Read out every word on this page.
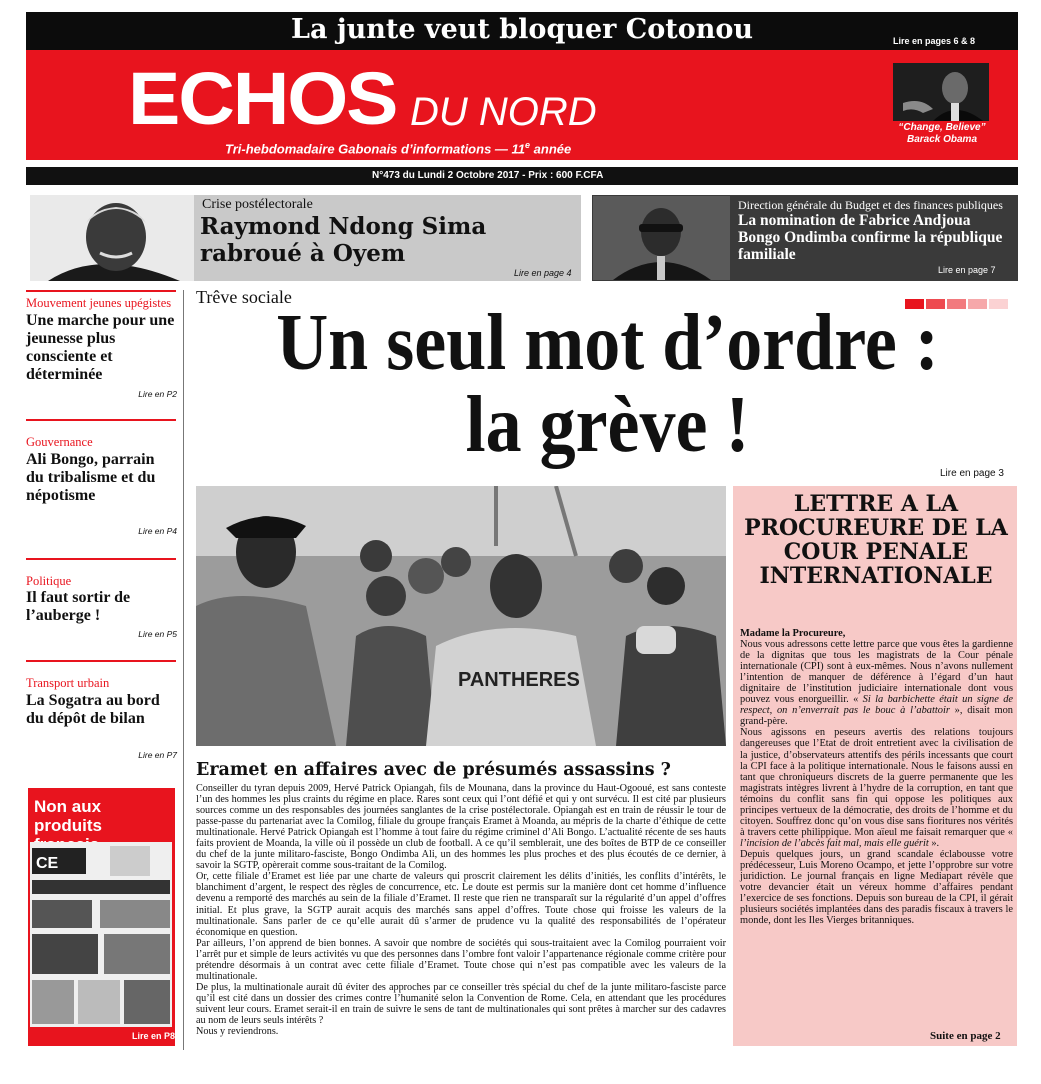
La junte veut bloquer Cotonou	Lire en pages 6 & 8
ECHOS DU NORD
Tri-hebdomadaire Gabonais d’informations — 11e année
“Change, Believe”
Barack Obama
N°473 du Lundi 2 Octobre 2017 - Prix : 600 F.CFA
Crise postélectorale
Raymond Ndong Sima rabroué à Oyem
Lire en page 4
Direction générale du Budget et des finances publiques
La nomination de Fabrice Andjoua Bongo Ondimba confirme la république familiale
Lire en page 7
Mouvement jeunes upégistes
Une marche pour une jeunesse plus consciente et déterminée
Lire en P2
Gouvernance
Ali Bongo, parrain du tribalisme et du népotisme
Lire en P4
Politique
Il faut sortir de l’auberge !
Lire en P5
Transport urbain
La Sogatra au bord du dépôt de bilan
Lire en P7
Non aux produits
CE
Lire en P8
Trêve sociale
Un seul mot d’ordre :
la grève !
Lire en page 3
PANTHERES
Eramet en affaires avec de présumés assassins ?

Conseiller du tyran depuis 2009, Hervé Patrick Opiangah, fils de Mounana, dans la province du Haut-Ogooué, est sans conteste l’un des hommes les plus craints du régime en place. Rares sont ceux qui l’ont défié et qui y ont survécu. Il est cité par plusieurs sources comme un des responsables des journées sanglantes de la crise postélectorale. Opiangah est en train de réussir le tour de passe-passe du partenariat avec la Comilog, filiale du groupe français Eramet à Moanda, au mépris de la charte d’éthique de cette multinationale. Hervé Patrick Opiangah est l’homme à tout faire du régime criminel d’Ali Bongo. L’actualité récente de ses hauts faits provient de Moanda, la ville où il possède un club de football. A ce qu’il semblerait, une des boîtes de BTP de ce conseiller du chef de la junte militaro-fasciste, Bongo Ondimba Ali, un des hommes les plus proches et des plus écoutés de ce dernier, à savoir la SGTP, opèrerait comme sous-traitant de la Comilog.

Or, cette filiale d’Eramet est liée par une charte de valeurs qui proscrit clairement les délits d’initiés, les conflits d’intérêts, le blanchiment d’argent, le respect des règles de concurrence, etc. Le doute est permis sur la manière dont cet homme d’influence devenu a remporté des marchés au sein de la filiale d’Eramet. Il reste que rien ne transparaît sur la régularité d’un appel d’offres initial. Et plus grave, la SGTP aurait acquis des marchés sans appel d’offres. Toute chose qui froisse les valeurs de la multinationale. Sans parler de ce qu’elle aurait dû s’armer de prudence vu la qualité des responsabilités de l’opérateur économique en question.

Par ailleurs, l’on apprend de bien bonnes. A savoir que nombre de sociétés qui sous-traitaient avec la Comilog pourraient voir l’arrêt pur et simple de leurs activités vu que des personnes dans l’ombre font valoir l’appartenance régionale comme critère pour prétendre désormais à un contrat avec cette filiale d’Eramet. Toute chose qui n’est pas compatible avec les valeurs de la multinationale.

De plus, la multinationale aurait dû éviter des approches par ce conseiller très spécial du chef de la junte militaro-fasciste parce qu’il est cité dans un dossier des crimes contre l’humanité selon la Convention de Rome. Cela, en attendant que les procédures suivent leur cours. Eramet serait-il en train de suivre le sens de tant de multinationales qui sont prêtes à marcher sur des cadavres au nom de leurs seuls intérêts ?

Nous y reviendrons.

LETTRE A LA PROCUREURE DE LA COUR PENALE INTERNATIONALE

Madame la Procureure,

Nous vous adressons cette lettre parce que vous êtes la gardienne de la dignitas que tous les magistrats de la Cour pénale internationale (CPI) sont à eux-mêmes. Nous n’avons nullement l’intention de manquer de déférence à l’égard d’un haut dignitaire de l’institution judiciaire internationale dont vous pouvez vous enorgueillir. « Si la barbichette était un signe de respect, on n’enverrait pas le bouc à l’abattoir », disait mon grand-père.

Nous agissons en peseurs avertis des relations toujours dangereuses que l’Etat de droit entretient avec la civilisation de la justice, d’observateurs attentifs des périls incessants que court la CPI face à la politique internationale. Nous le faisons aussi en tant que chroniqueurs discrets de la guerre permanente que les magistrats intègres livrent à l’hydre de la corruption, en tant que témoins du conflit sans fin qui oppose les politiques aux principes vertueux de la démocratie, des droits de l’homme et du citoyen. Souffrez donc qu’on vous dise sans fioritures nos vérités à travers cette philippique. Mon aïeul me faisait remarquer que « l’incision de l’abcès fait mal, mais elle guérit ».

Depuis quelques jours, un grand scandale éclabousse votre prédécesseur, Luis Moreno Ocampo, et jette l’opprobre sur votre juridiction. Le journal français en ligne Mediapart révèle que votre devancier était un véreux homme d’affaires pendant l’exercice de ses fonctions. Depuis son bureau de la CPI, il gérait plusieurs sociétés implantées dans des paradis fiscaux à travers le monde, dont les Iles Vierges britanniques.

Suite en page 2
